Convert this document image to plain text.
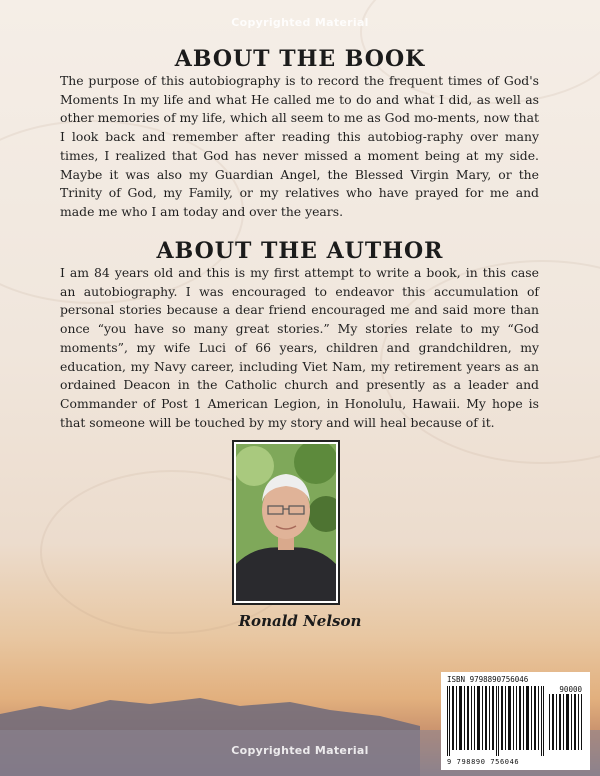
Copyrighted Material
ABOUT THE BOOK

The purpose of this autobiography is to record the frequent times of God's Moments In my life and what He called me to do and what I did, as well as other memories of my life, which all seem to me as God mo-ments, now that I look back and remember after reading this autobiog-raphy over many times, I realized that God has never missed a moment being at my side. Maybe it was also my Guardian Angel, the Blessed Virgin Mary, or the Trinity of God, my Family, or my relatives who have prayed for me and made me who I am today and over the years.

ABOUT THE AUTHOR

I am 84 years old and this is my first attempt to write a book, in this case an autobiography. I was encouraged to endeavor this accumulation of personal stories because a dear friend encouraged me and said more than once “you have so many great stories.” My stories relate to my “God moments”, my wife Luci of 66 years, children and grandchildren, my education, my Navy career, including Viet Nam, my retirement years as an ordained Deacon in the Catholic church and presently as a leader and Commander of Post 1 American Legion, in Honolulu, Hawaii. My hope is that someone will be touched by my story and will heal because of it.

Ronald Nelson
Copyrighted Material
ISBN 9798890756046
90000
9 798890 756046
